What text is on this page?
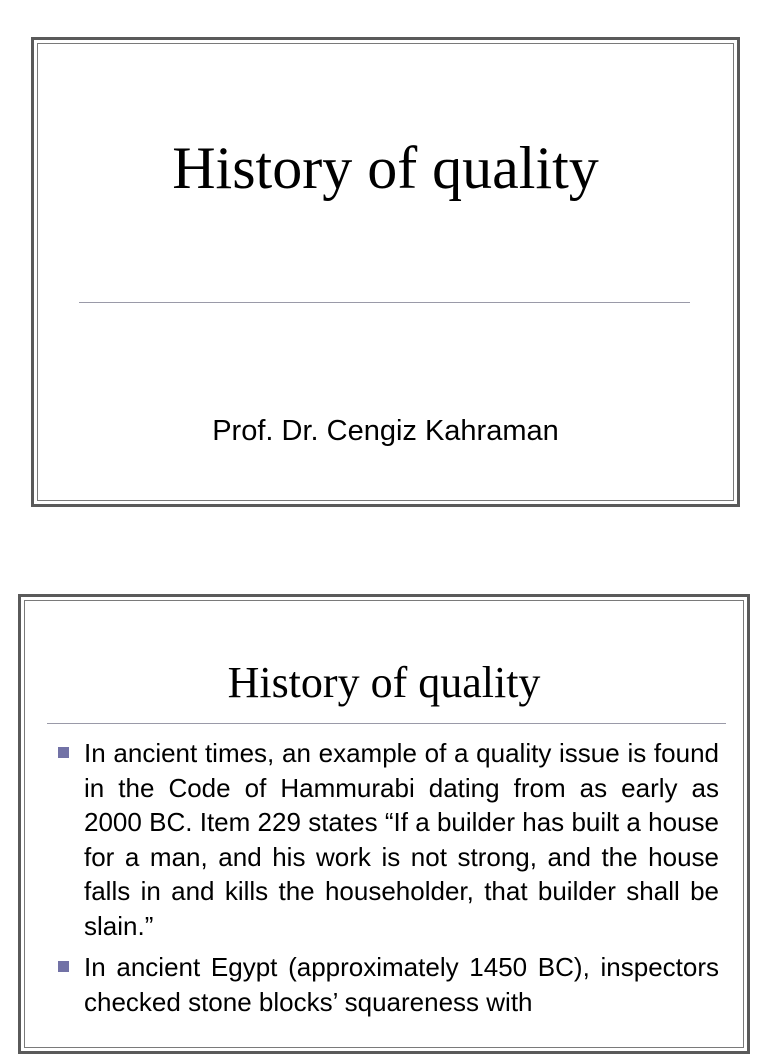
History of quality
Prof. Dr. Cengiz Kahraman
History of quality
In ancient times, an example of a quality issue is found in the Code of Hammurabi dating from as early as 2000 BC. Item 229 states “If a builder has built a house for a man, and his work is not strong, and the house falls in and kills the householder, that builder shall be slain.”
In ancient Egypt (approximately 1450 BC), inspectors checked stone blocks’ squareness with
